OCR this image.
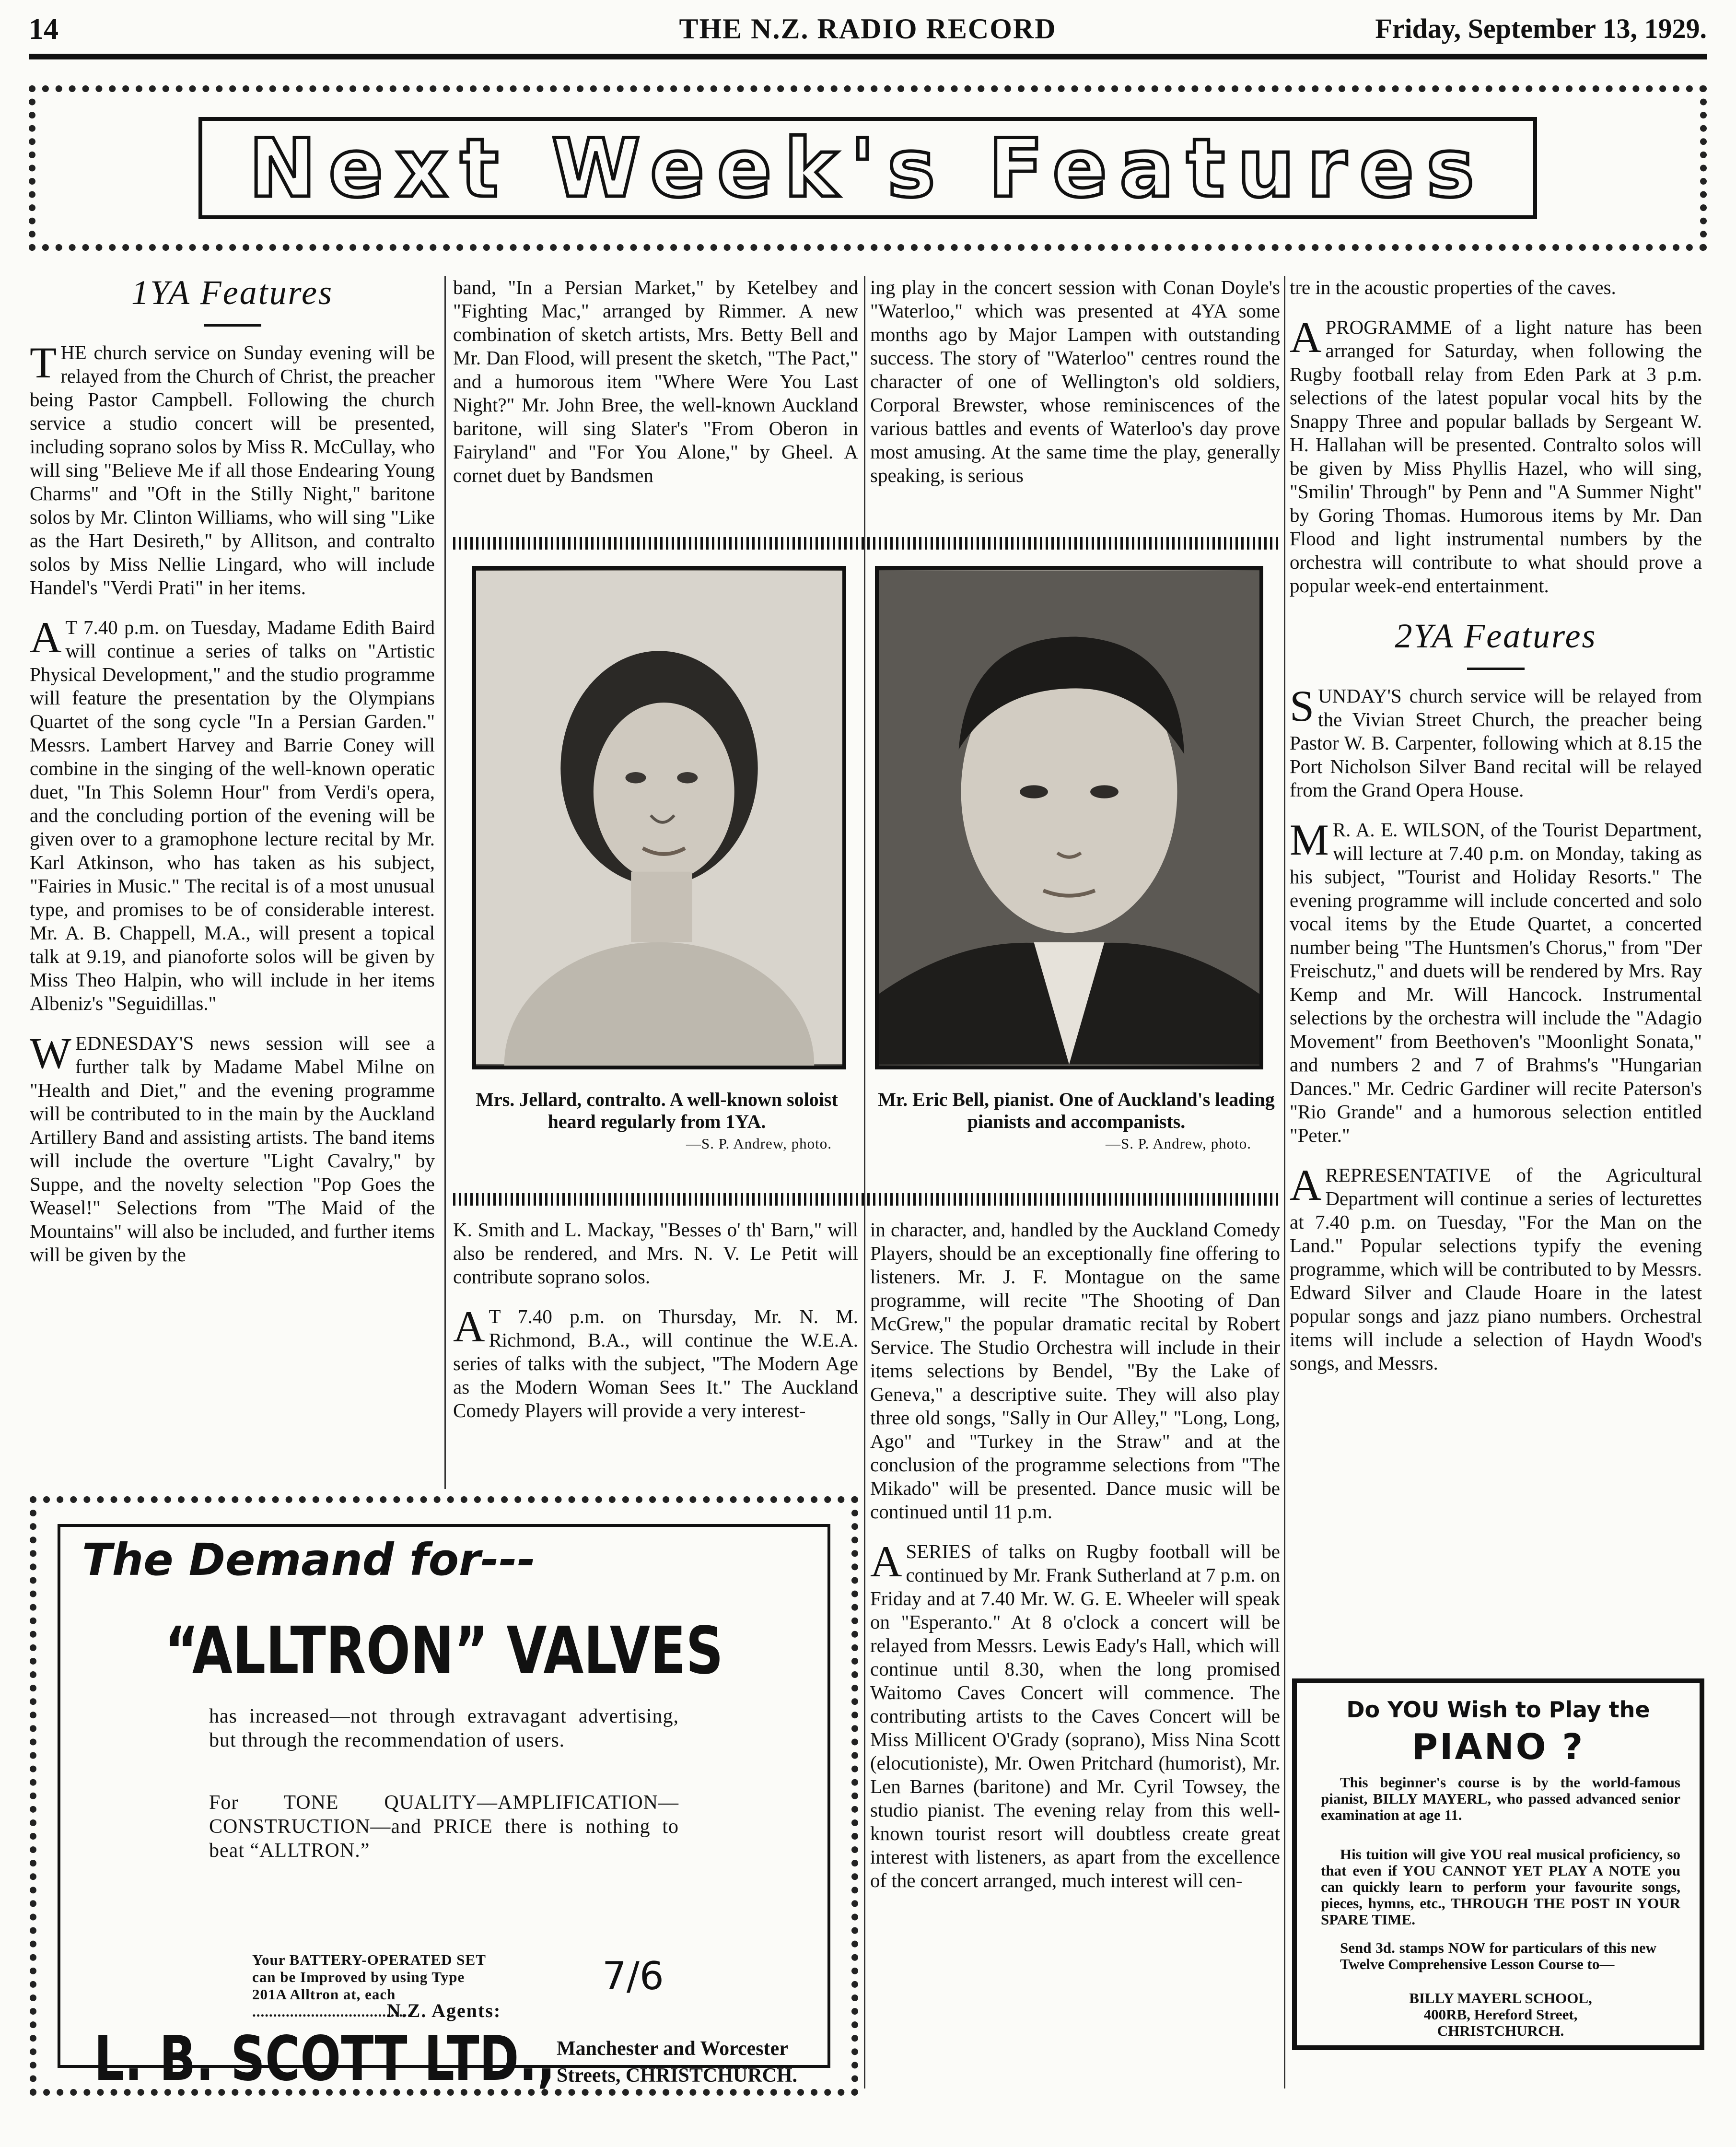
14	THE N.Z. RADIO RECORD	Friday, September 13, 1929.
Next Week's Features
1YA Features

THE church service on Sunday evening will be relayed from the Church of Christ, the preacher being Pastor Campbell. Following the church service a studio concert will be presented, including soprano solos by Miss R. McCullay, who will sing "Believe Me if all those Endearing Young Charms" and "Oft in the Stilly Night," baritone solos by Mr. Clinton Williams, who will sing "Like as the Hart Desireth," by Allitson, and contralto solos by Miss Nellie Lingard, who will include Handel's "Verdi Prati" in her items.

A T 7.40 p.m. on Tuesday, Madame Edith Baird will continue a series of talks on "Artistic Physical Development," and the studio programme will feature the presentation by the Olympians Quartet of the song cycle "In a Persian Garden." Messrs. Lambert Harvey and Barrie Coney will combine in the singing of the well-known operatic duet, "In This Solemn Hour" from Verdi's opera, and the concluding portion of the evening will be given over to a gramophone lecture recital by Mr. Karl Atkinson, who has taken as his subject, "Fairies in Music." The recital is of a most unusual type, and promises to be of considerable interest. Mr. A. B. Chappell, M.A., will present a topical talk at 9.19, and pianoforte solos will be given by Miss Theo Halpin, who will include in her items Albeniz's "Seguidillas."

WEDNESDAY'S news session will see a further talk by Madame Mabel Milne on "Health and Diet," and the evening programme will be contributed to in the main by the Auckland Artillery Band and assisting artists. The band items will include the overture "Light Cavalry," by Suppe, and the novelty selection "Pop Goes the Weasel!" Selections from "The Maid of the Mountains" will also be included, and further items will be given by the

band, "In a Persian Market," by Ketelbey and "Fighting Mac," arranged by Rimmer. A new combination of sketch artists, Mrs. Betty Bell and Mr. Dan Flood, will present the sketch, "The Pact," and a humorous item "Where Were You Last Night?" Mr. John Bree, the well-known Auckland baritone, will sing Slater's "From Oberon in Fairyland" and "For You Alone," by Gheel. A cornet duet by Bandsmen

ing play in the concert session with Conan Doyle's "Waterloo," which was presented at 4YA some months ago by Major Lampen with outstanding success. The story of "Waterloo" centres round the character of one of Wellington's old soldiers, Corporal Brewster, whose reminiscences of the various battles and events of Waterloo's day prove most amusing. At the same time the play, generally speaking, is serious

Mrs. Jellard, contralto. A well-known soloist heard regularly from 1YA.
—S. P. Andrew, photo.
Mr. Eric Bell, pianist. One of Auckland's leading pianists and accompanists.
—S. P. Andrew, photo.

K. Smith and L. Mackay, "Besses o' th' Barn," will also be rendered, and Mrs. N. V. Le Petit will contribute soprano solos.

A T 7.40 p.m. on Thursday, Mr. N. M. Richmond, B.A., will continue the W.E.A. series of talks with the subject, "The Modern Age as the Modern Woman Sees It." The Auckland Comedy Players will provide a very interest-

in character, and, handled by the Auckland Comedy Players, should be an exceptionally fine offering to listeners. Mr. J. F. Montague on the same programme, will recite "The Shooting of Dan McGrew," the popular dramatic recital by Robert Service. The Studio Orchestra will include in their items selections by Bendel, "By the Lake of Geneva," a descriptive suite. They will also play three old songs, "Sally in Our Alley," "Long, Long, Ago" and "Turkey in the Straw" and at the conclusion of the programme selections from "The Mikado" will be presented. Dance music will be continued until 11 p.m.

ASERIES of talks on Rugby football will be continued by Mr. Frank Sutherland at 7 p.m. on Friday and at 7.40 Mr. W. G. E. Wheeler will speak on "Esperanto." At 8 o'clock a concert will be relayed from Messrs. Lewis Eady's Hall, which will continue until 8.30, when the long promised Waitomo Caves Concert will commence. The contributing artists to the Caves Concert will be Miss Millicent O'Grady (soprano), Miss Nina Scott (elocutioniste), Mr. Owen Pritchard (humorist), Mr. Len Barnes (baritone) and Mr. Cyril Towsey, the studio pianist. The evening relay from this well-known tourist resort will doubtless create great interest with listeners, as apart from the excellence of the concert arranged, much interest will cen-

tre in the acoustic properties of the caves.

APROGRAMME of a light nature has been arranged for Saturday, when following the Rugby football relay from Eden Park at 3 p.m. selections of the latest popular vocal hits by the Snappy Three and popular ballads by Sergeant W. H. Hallahan will be presented. Contralto solos will be given by Miss Phyllis Hazel, who will sing, "Smilin' Through" by Penn and "A Summer Night" by Goring Thomas. Humorous items by Mr. Dan Flood and light instrumental numbers by the orchestra will contribute to what should prove a popular week-end entertainment.

2YA Features

SUNDAY'S church service will be relayed from the Vivian Street Church, the preacher being Pastor W. B. Carpenter, following which at 8.15 the Port Nicholson Silver Band recital will be relayed from the Grand Opera House.

M R. A. E. WILSON, of the Tourist Department, will lecture at 7.40 p.m. on Monday, taking as his subject, "Tourist and Holiday Resorts." The evening programme will include concerted and solo vocal items by the Etude Quartet, a concerted number being "The Huntsmen's Chorus," from "Der Freischutz," and duets will be rendered by Mrs. Ray Kemp and Mr. Will Hancock. Instrumental selections by the orchestra will include the "Adagio Movement" from Beethoven's "Moonlight Sonata," and numbers 2 and 7 of Brahms's "Hungarian Dances." Mr. Cedric Gardiner will recite Paterson's "Rio Grande" and a humorous selection entitled "Peter."

AREPRESENTATIVE of the Agricultural Department will continue a series of lecturettes at 7.40 p.m. on Tuesday, "For the Man on the Land." Popular selections typify the evening programme, which will be contributed to by Messrs. Edward Silver and Claude Hoare in the latest popular songs and jazz piano numbers. Orchestral items will include a selection of Haydn Wood's songs, and Messrs.

The Demand for---
“ALLTRON” VALVES
has increased—not through extravagant advertising, but through the recommendation of users.
For TONE QUALITY—AMPLIFICATION—CONSTRUCTION—and PRICE there is nothing to beat “ALLTRON.”
Your BATTERY-OPERATED SET can be Improved by using Type 201A Alltron at, each ......................................
7/6
N.Z. Agents:
L. B. SCOTT LTD., Manchester and Worcester
Streets, CHRISTCHURCH.
Do YOU Wish to Play the
PIANO ?
This beginner's course is by the world-famous pianist, BILLY MAYERL, who passed advanced senior examination at age 11.
His tuition will give YOU real musical proficiency, so that even if YOU CANNOT YET PLAY A NOTE you can quickly learn to perform your favourite songs, pieces, hymns, etc., THROUGH THE POST IN YOUR SPARE TIME.
Send 3d. stamps NOW for particulars of this new Twelve Comprehensive Lesson Course to—
BILLY MAYERL SCHOOL,
400RB, Hereford Street,
CHRISTCHURCH.
